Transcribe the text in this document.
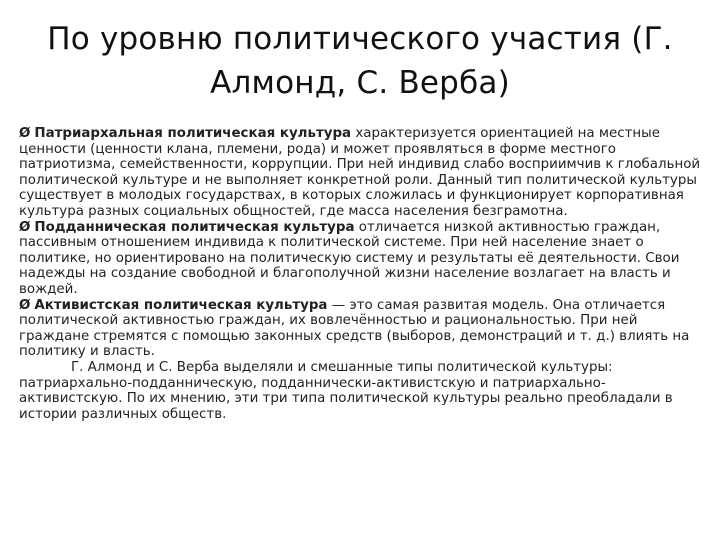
По уровню политического участия (Г. Алмонд, С. Верба)

Ø Патриархальная политическая культура характеризуется ориентацией на местные ценности (ценности клана, племени, рода) и может проявляться в форме местного патриотизма, семейственности, коррупции. При ней индивид слабо восприимчив к глобальной политической культуре и не выполняет конкретной роли. Данный тип политической культуры существует в молодых государствах, в которых сложилась и функционирует корпоративная культура разных социальных общностей, где масса населения безграмотна.

Ø Подданническая политическая культура отличается низкой активностью граждан, пассивным отношением индивида к политической системе. При ней население знает о политике, но ориентировано на политическую систему и результаты её деятельности. Свои надежды на создание свободной и благополучной жизни население возлагает на власть и вождей.

Ø Активистская политическая культура — это самая развитая модель. Она отличается политической активностью граждан, их вовлечённостью и рациональностью. При ней граждане стремятся с помощью законных средств (выборов, демонстраций и т. д.) влиять на политику и власть.

Г. Алмонд и С. Верба выделяли и смешанные типы политической культуры: патриархально-подданническую, подданнически-активистскую и патриархально-активистскую. По их мнению, эти три типа политической культуры реально преобладали в истории различных обществ.
